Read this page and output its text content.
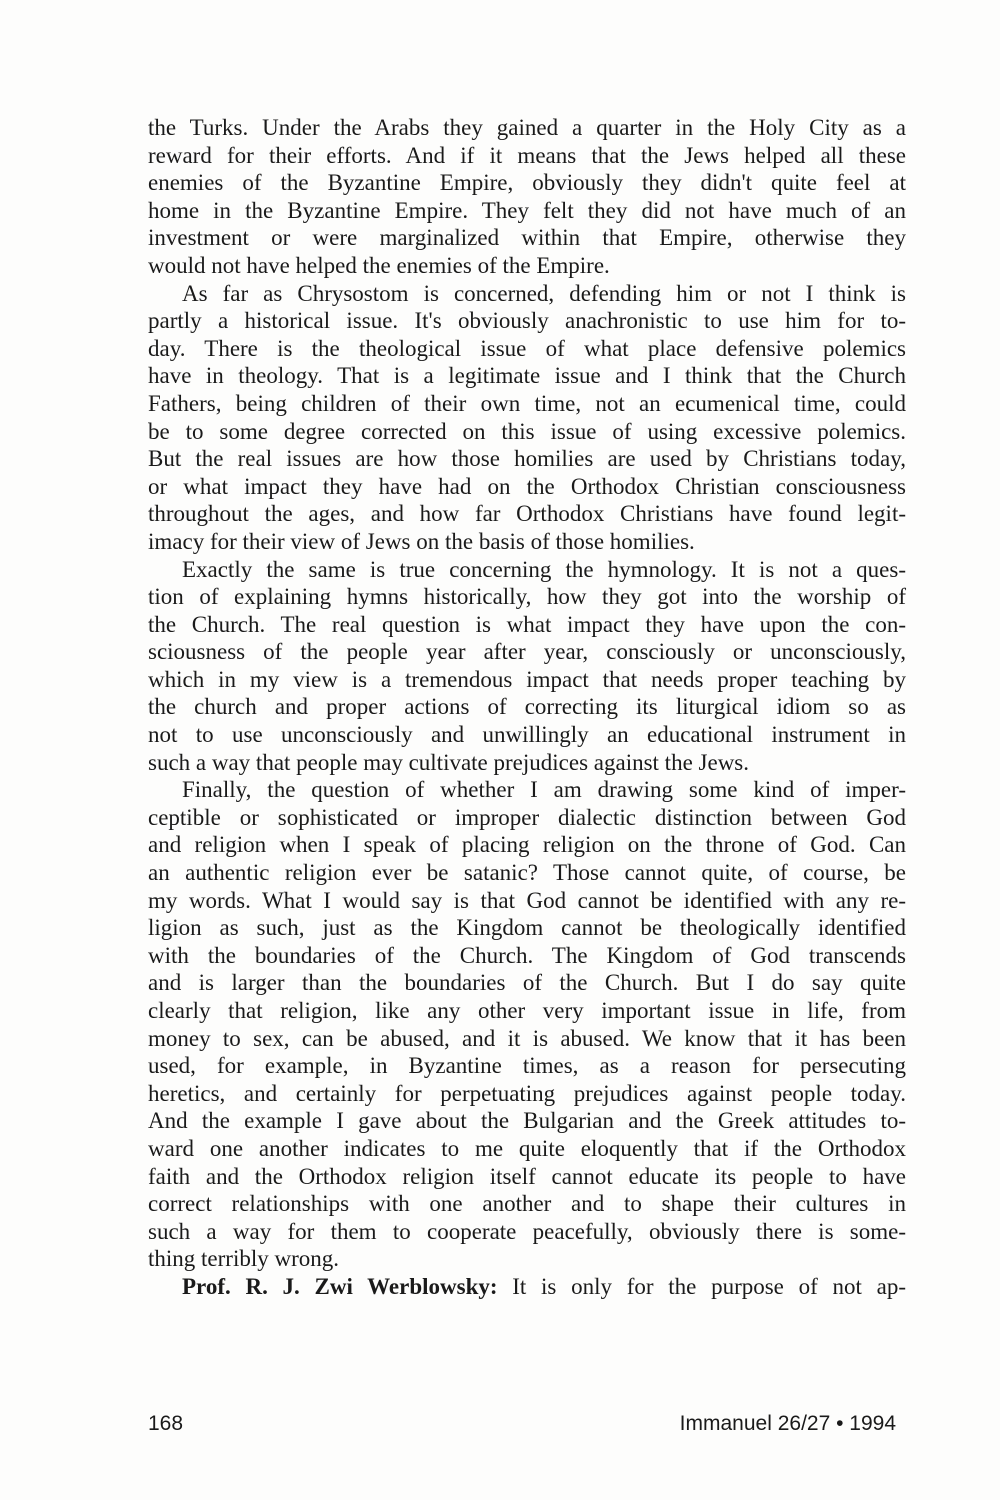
the Turks. Under the Arabs they gained a quarter in the Holy City as a
reward for their efforts. And if it means that the Jews helped all these
enemies of the Byzantine Empire, obviously they didn't quite feel at
home in the Byzantine Empire. They felt they did not have much of an
investment or were marginalized within that Empire, otherwise they
would not have helped the enemies of the Empire.
As far as Chrysostom is concerned, defending him or not I think is
partly a historical issue. It's obviously anachronistic to use him for to-
day. There is the theological issue of what place defensive polemics
have in theology. That is a legitimate issue and I think that the Church
Fathers, being children of their own time, not an ecumenical time, could
be to some degree corrected on this issue of using excessive polemics.
But the real issues are how those homilies are used by Christians today,
or what impact they have had on the Orthodox Christian consciousness
throughout the ages, and how far Orthodox Christians have found legit-
imacy for their view of Jews on the basis of those homilies.
Exactly the same is true concerning the hymnology. It is not a ques-
tion of explaining hymns historically, how they got into the worship of
the Church. The real question is what impact they have upon the con-
sciousness of the people year after year, consciously or unconsciously,
which in my view is a tremendous impact that needs proper teaching by
the church and proper actions of correcting its liturgical idiom so as
not to use unconsciously and unwillingly an educational instrument in
such a way that people may cultivate prejudices against the Jews.
Finally, the question of whether I am drawing some kind of imper-
ceptible or sophisticated or improper dialectic distinction between God
and religion when I speak of placing religion on the throne of God. Can
an authentic religion ever be satanic? Those cannot quite, of course, be
my words. What I would say is that God cannot be identified with any re-
ligion as such, just as the Kingdom cannot be theologically identified
with the boundaries of the Church. The Kingdom of God transcends
and is larger than the boundaries of the Church. But I do say quite
clearly that religion, like any other very important issue in life, from
money to sex, can be abused, and it is abused. We know that it has been
used, for example, in Byzantine times, as a reason for persecuting
heretics, and certainly for perpetuating prejudices against people today.
And the example I gave about the Bulgarian and the Greek attitudes to-
ward one another indicates to me quite eloquently that if the Orthodox
faith and the Orthodox religion itself cannot educate its people to have
correct relationships with one another and to shape their cultures in
such a way for them to cooperate peacefully, obviously there is some-
thing terribly wrong.
Prof. R. J. Zwi Werblowsky: It is only for the purpose of not ap-
168	Immanuel 26/27 • 1994
